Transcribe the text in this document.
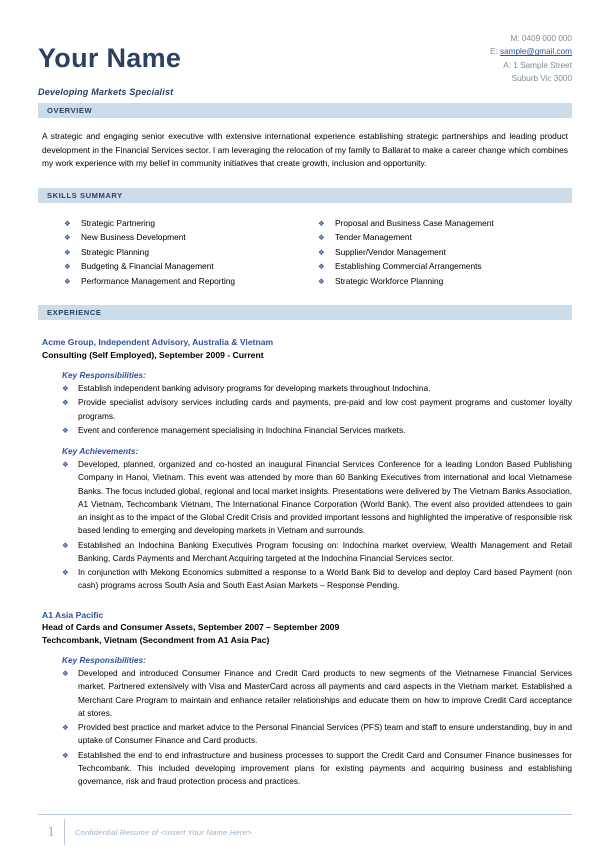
Your Name
Developing Markets Specialist
M: 0409 000 000
E: sample@gmail.com
A: 1 Sample Street
Suburb Vic 3000
OVERVIEW
A strategic and engaging senior executive with extensive international experience establishing strategic partnerships and leading product development in the Financial Services sector. I am leveraging the relocation of my family to Ballarat to make a career change which combines my work experience with my belief in community initiatives that create growth, inclusion and opportunity.
SKILLS SUMMARY
❖	Strategic Partnering
❖	New Business Development
❖	Strategic Planning
❖	Budgeting & Financial Management
❖	Performance Management and Reporting
❖	Proposal and Business Case Management
❖	Tender Management
❖	Supplier/Vendor Management
❖	Establishing Commercial Arrangements
❖	Strategic Workforce Planning
EXPERIENCE
Acme Group, Independent Advisory, Australia & Vietnam
Consulting (Self Employed), September 2009 - Current
Key Responsibilities:
❖	Establish independent banking advisory programs for developing markets throughout Indochina.
❖	Provide specialist advisory services including cards and payments, pre-paid and low cost payment programs and customer loyalty programs.
❖	Event and conference management specialising in Indochina Financial Services markets.
Key Achievements:
❖	Developed, planned, organized and co-hosted an inaugural Financial Services Conference for a leading London Based Publishing Company in Hanoi, Vietnam. This event was attended by more than 60 Banking Executives from international and local Vietnamese Banks. The focus included global, regional and local market insights. Presentations were delivered by The Vietnam Banks Association, A1 Vietnam, Techcombank Vietnam, The International Finance Corporation (World Bank). The event also provided attendees to gain an insight as to the impact of the Global Credit Crisis and provided important lessons and highlighted the imperative of responsible risk based lending to emerging and developing markets in Vietnam and surrounds.
❖	Established an Indochina Banking Executives Program focusing on: Indochina market overview, Wealth Management and Retail Banking, Cards Payments and Merchant Acquiring targeted at the Indochina Financial Services sector.
❖	In conjunction with Mekong Economics submitted a response to a World Bank Bid to develop and deploy Card based Payment (non cash) programs across South Asia and South East Asian Markets – Response Pending.
A1 Asia Pacific
Head of Cards and Consumer Assets, September 2007 – September 2009
Techcombank, Vietnam (Secondment from A1 Asia Pac)
Key Responsibilities:
❖	Developed and introduced Consumer Finance and Credit Card products to new segments of the Vietnamese Financial Services market. Partnered extensively with Visa and MasterCard across all payments and card aspects in the Vietnam market. Established a Merchant Care Program to maintain and enhance retailer relationships and educate them on how to improve Credit Card acceptance at stores.
❖	Provided best practice and market advice to the Personal Financial Services (PFS) team and staff to ensure understanding, buy in and uptake of Consumer Finance and Card products.
❖	Established the end to end infrastructure and business processes to support the Credit Card and Consumer Finance businesses for Techcombank. This included developing improvement plans for existing payments and acquiring business and establishing governance, risk and fraud protection process and practices.
1	Confidential Resume of <Insert Your Name Here>
